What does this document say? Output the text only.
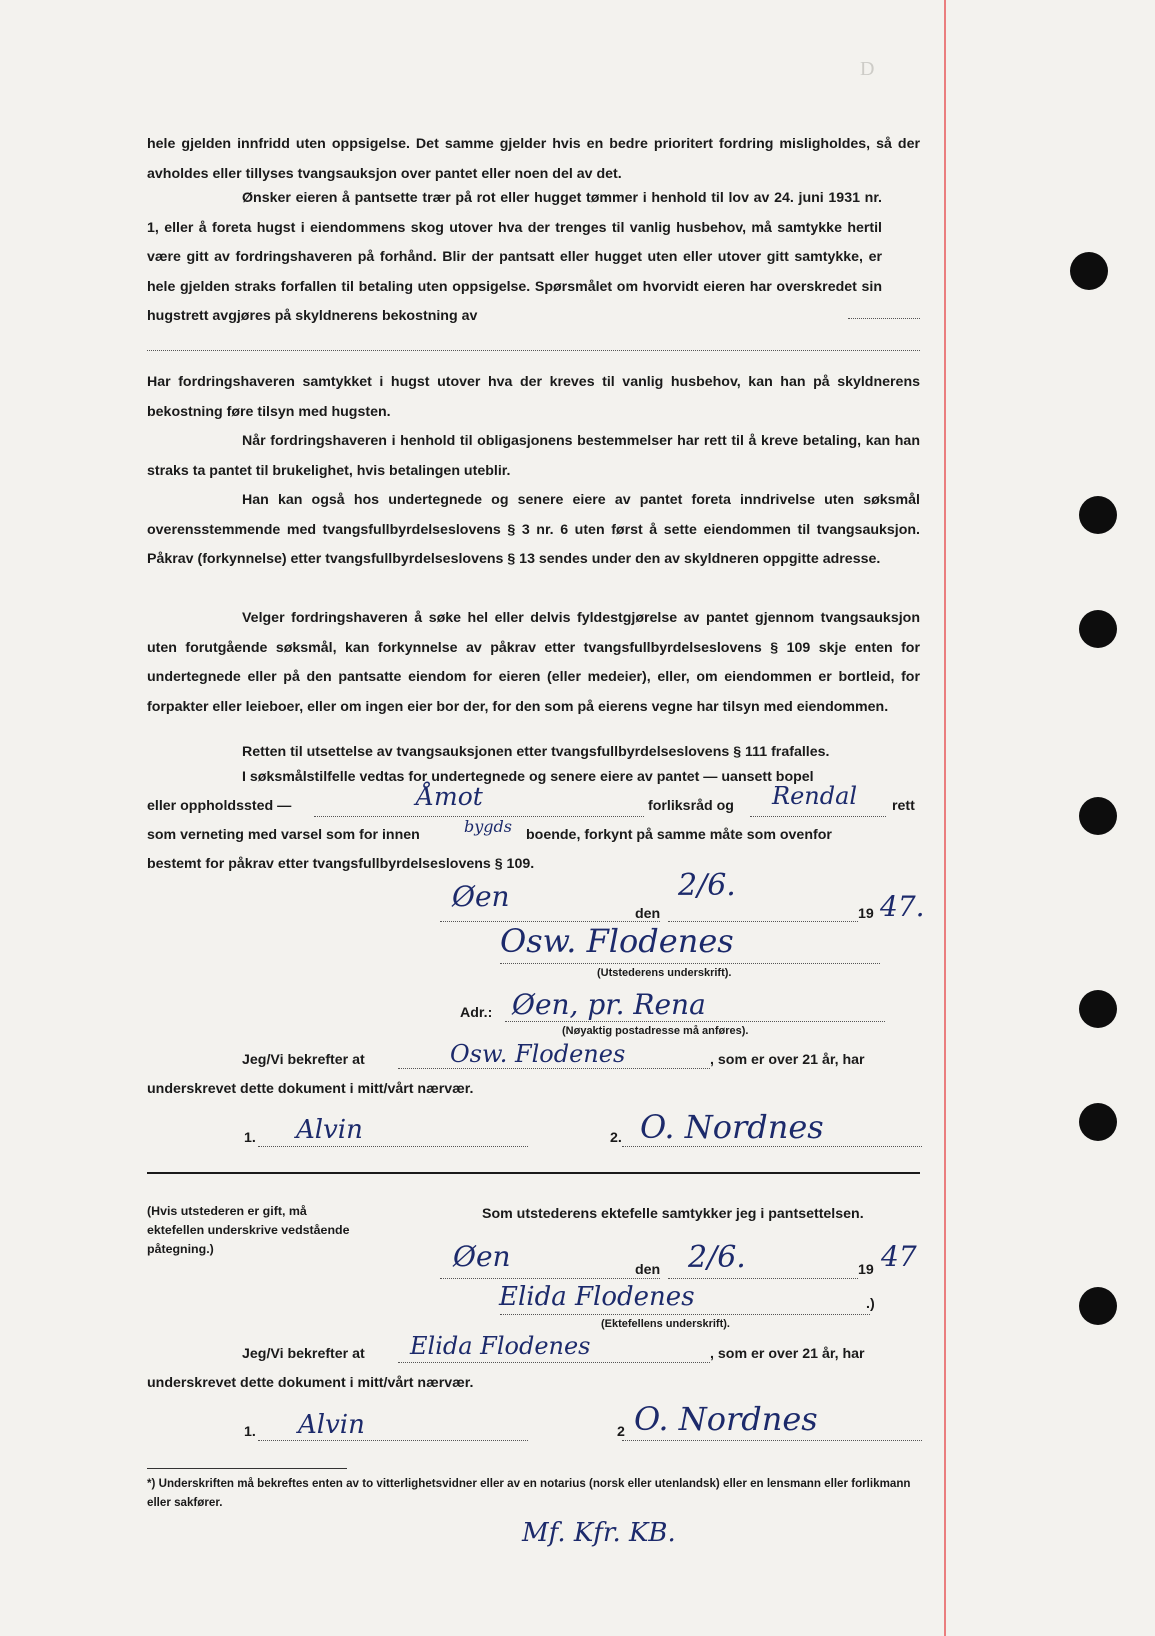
D

hele gjelden innfridd uten oppsigelse. Det samme gjelder hvis en bedre prioritert fordring misligholdes, så der avholdes eller tillyses tvangsauksjon over pantet eller noen del av det.

Ønsker eieren å pantsette trær på rot eller hugget tømmer i henhold til lov av 24. juni 1931 nr. 1, eller å foreta hugst i eiendommens skog utover hva der trenges til vanlig husbehov, må samtykke hertil være gitt av fordringshaveren på forhånd. Blir der pantsatt eller hugget uten eller utover gitt samtykke, er hele gjelden straks forfallen til betaling uten oppsigelse. Spørsmålet om hvorvidt eieren har overskredet sin hugstrett avgjøres på skyldnerens bekostning av

Har fordringshaveren samtykket i hugst utover hva der kreves til vanlig husbehov, kan han på skyldnerens bekostning føre tilsyn med hugsten.

Når fordringshaveren i henhold til obligasjonens bestemmelser har rett til å kreve betaling, kan han straks ta pantet til brukelighet, hvis betalingen uteblir.

Han kan også hos undertegnede og senere eiere av pantet foreta inndrivelse uten søksmål overensstemmende med tvangsfullbyrdelseslovens § 3 nr. 6 uten først å sette eiendommen til tvangsauksjon. Påkrav (forkynnelse) etter tvangsfullbyrdelseslovens § 13 sendes under den av skyldneren oppgitte adresse.

Velger fordringshaveren å søke hel eller delvis fyldestgjørelse av pantet gjennom tvangsauksjon uten forutgående søksmål, kan forkynnelse av påkrav etter tvangsfullbyrdelseslovens § 109 skje enten for undertegnede eller på den pantsatte eiendom for eieren (eller medeier), eller, om eiendommen er bortleid, for forpakter eller leieboer, eller om ingen eier bor der, for den som på eierens vegne har tilsyn med eiendommen.

Retten til utsettelse av tvangsauksjonen etter tvangsfullbyrdelseslovens § 111 frafalles.

I søksmålstilfelle vedtas for undertegnede og senere eiere av pantet — uansett bopel
eller oppholdssted —	Åmot	forliksråd og Rendal rett
som verneting med varsel som for innen	bygds boende, forkynt på samme måte som ovenfor
bestemt for påkrav etter tvangsfullbyrdelseslovens § 109.
Øen
den
2/6.
19 47.
Osw. Flodenes
(Utstederens underskrift).
Adr.: Øen, pr. Rena
(Nøyaktig postadresse må anføres).
Jeg/Vi bekrefter at	Osw. Flodenes	, som er over 21 år, har
underskrevet dette dokument i mitt/vårt nærvær.
1. Alvin	2. O. Nordnes
(Hvis utstederen er gift, må ektefellen underskrive vedstående påtegning.)
Som utstederens ektefelle samtykker jeg i pantsettelsen.
Øen	den 2/6.	19 47
Elida Flodenes	.)
(Ektefellens underskrift).
Jeg/Vi bekrefter at Elida Flodenes	, som er over 21 år, har
underskrevet dette dokument i mitt/vårt nærvær.
1. Alvin	2 O. Nordnes
*) Underskriften må bekreftes enten av to vitterlighetsvidner eller av en notarius (norsk eller utenlandsk) eller en lensmann eller forlikmann eller sakfører.
Mf. Kfr. KB.
